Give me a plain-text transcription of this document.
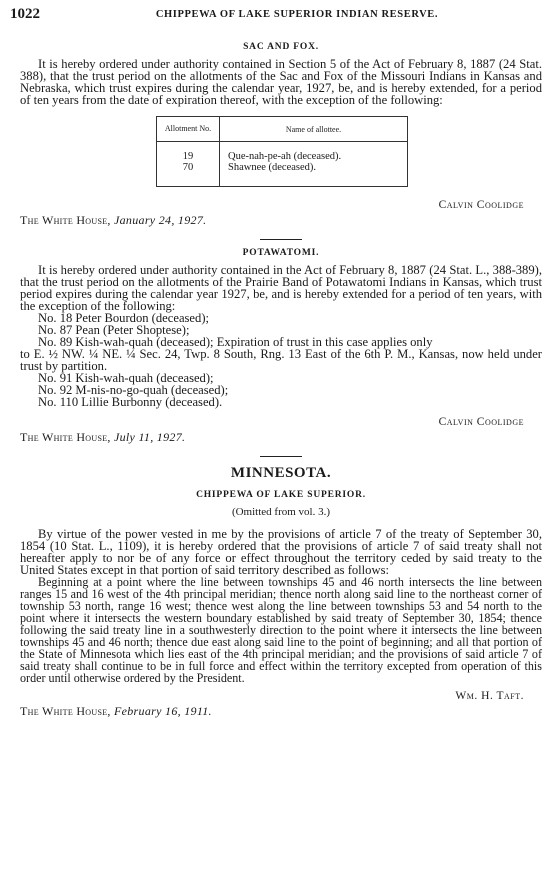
1022	CHIPPEWA OF LAKE SUPERIOR INDIAN RESERVE.
SAC AND FOX.

It is hereby ordered under authority contained in Section 5 of the Act of February 8, 1887 (24 Stat. 388), that the trust period on the allotments of the Sac and Fox of the Missouri Indians in Kansas and Nebraska, which trust expires during the calendar year, 1927, be, and is hereby extended, for a period of ten years from the date of expiration thereof, with the exception of the following:

Allotment No.	Name of allottee.
19
70
Que-nah-pe-ah (deceased).
Shawnee (deceased).
Calvin Coolidge
The White House, January 24, 1927.
POTAWATOMI.

It is hereby ordered under authority contained in the Act of February 8, 1887 (24 Stat. L., 388-389), that the trust period on the allotments of the Prairie Band of Potawatomi Indians in Kansas, which trust period expires during the calendar year 1927, be, and is hereby extended for a period of ten years, with the exception of the following:

No. 18 Peter Bourdon (deceased);
No. 87 Pean (Peter Shoptese);
No. 89 Kish-wah-quah (deceased); Expiration of trust in this case applies only
to E. ½ NW. ¼ NE. ¼ Sec. 24, Twp. 8 South, Rng. 13 East of the 6th P. M., Kansas, now held under trust by partition.
No. 91 Kish-wah-quah (deceased);
No. 92 M-nis-no-go-quah (deceased);
No. 110 Lillie Burbonny (deceased).
Calvin Coolidge
The White House, July 11, 1927.
MINNESOTA.
CHIPPEWA OF LAKE SUPERIOR.
(Omitted from vol. 3.)

By virtue of the power vested in me by the provisions of article 7 of the treaty of September 30, 1854 (10 Stat. L., 1109), it is hereby ordered that the provisions of article 7 of said treaty shall not hereafter apply to nor be of any force or effect throughout the territory ceded by said treaty to the United States except in that portion of said territory described as follows:

Beginning at a point where the line between townships 45 and 46 north intersects the line between ranges 15 and 16 west of the 4th principal meridian; thence north along said line to the northeast corner of township 53 north, range 16 west; thence west along the line between townships 53 and 54 north to the point where it intersects the western boundary established by said treaty of September 30, 1854; thence following the said treaty line in a southwesterly direction to the point where it intersects the line between townships 45 and 46 north; thence due east along said line to the point of beginning; and all that portion of the State of Minnesota which lies east of the 4th principal meridian; and the provisions of said article 7 of said treaty shall continue to be in full force and effect within the territory excepted from operation of this order until otherwise ordered by the President.

Wm. H. Taft.
The White House, February 16, 1911.
